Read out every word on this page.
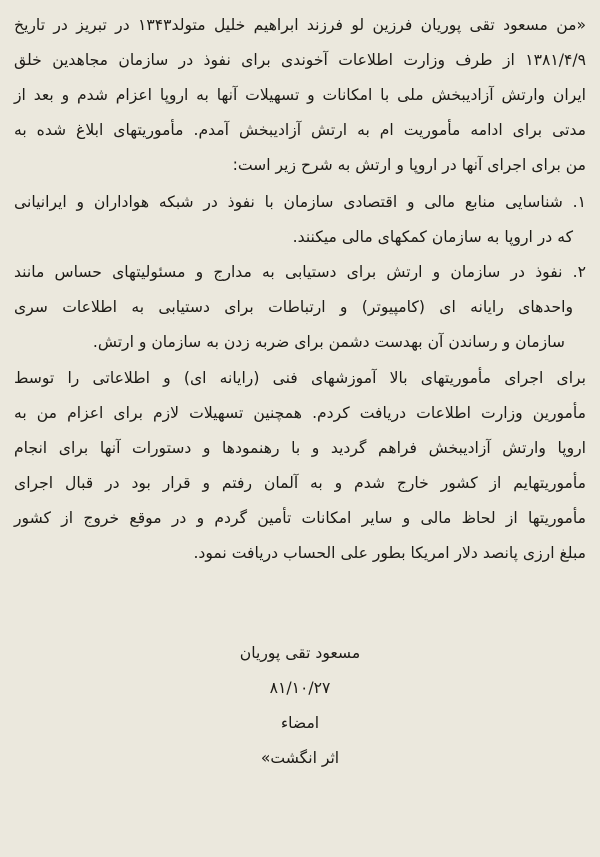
«من مسعود تقی پوریان فرزین لو فرزند ابراهیم خلیل متولد۱۳۴۳ در تبریز در تاریخ
۱۳۸۱/۴/۹ از طرف وزارت اطلاعات آخوندی برای نفوذ در سازمان مجاهدین خلق
ایران وارتش آزادیبخش ملی با امکانات و تسهیلات آنها به اروپا اعزام شدم و بعد از
مدتی برای ادامه مأموریت ام به ارتش آزادیبخش آمدم. مأموریتهای ابلاغ شده به
من برای اجرای آنها در اروپا و ارتش به شرح زیر است:
۱. شناسایی منابع مالی و اقتصادی سازمان با نفوذ در شبکه هواداران و ایرانیانی
که در اروپا به سازمان کمکهای مالی میکنند.
۲. نفوذ در سازمان و ارتش برای دستیابی به مدارج و مسئولیتهای حساس مانند
واحدهای رایانه ای (کامپیوتر) و ارتباطات برای دستیابی به اطلاعات سری
سازمان و رساندن آن بهدست دشمن برای ضربه زدن به سازمان و ارتش.
برای اجرای مأموریتهای بالا آموزشهای فنی (رایانه ای) و اطلاعاتی را توسط
مأمورین وزارت اطلاعات دریافت کردم. همچنین تسهیلات لازم برای اعزام من به
اروپا وارتش آزادیبخش فراهم گردید و با رهنمودها و دستورات آنها برای انجام
مأموریتهایم از کشور خارج شدم و به آلمان رفتم و قرار بود در قبال اجرای
مأموریتها از لحاظ مالی و سایر امکانات تأمین گردم و در موقع خروج از کشور
مبلغ ارزی پانصد دلار امریکا بطور علی الحساب دریافت نمود.
مسعود تقی پوریان
۸۱/۱۰/۲۷
امضاء
اثر انگشت»
